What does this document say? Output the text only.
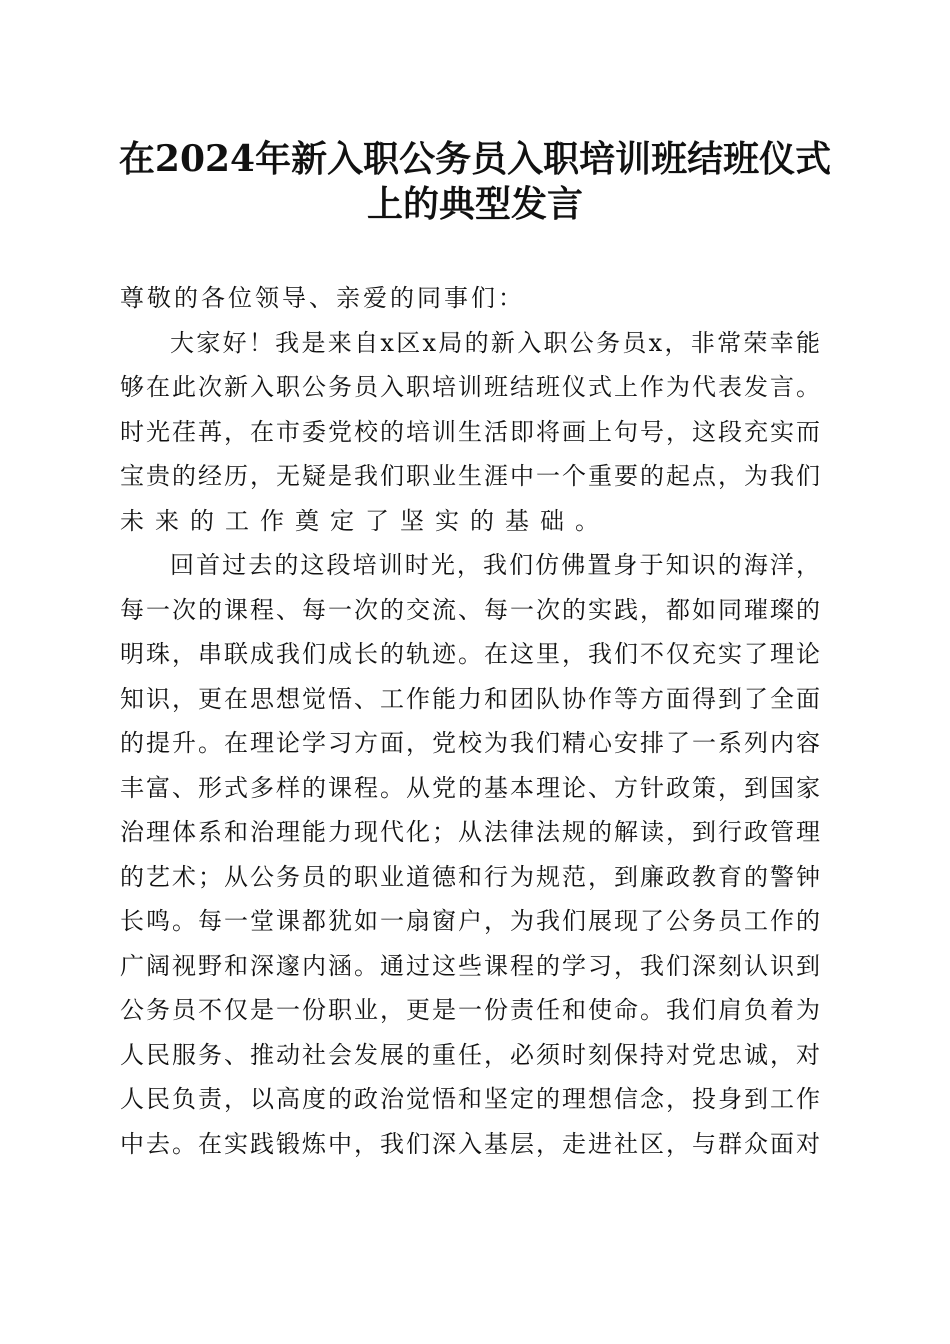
在2024年新入职公务员入职培训班结班仪式
上的典型发言
尊敬的各位领导、亲爱的同事们：
大家好！我是来自x区x局的新入职公务员x，非常荣幸能
够在此次新入职公务员入职培训班结班仪式上作为代表发言。
时光荏苒，在市委党校的培训生活即将画上句号，这段充实而
宝贵的经历，无疑是我们职业生涯中一个重要的起点，为我们
未来的工作奠定了坚实的基础。
回首过去的这段培训时光，我们仿佛置身于知识的海洋，
每一次的课程、每一次的交流、每一次的实践，都如同璀璨的
明珠，串联成我们成长的轨迹。在这里，我们不仅充实了理论
知识，更在思想觉悟、工作能力和团队协作等方面得到了全面
的提升。在理论学习方面，党校为我们精心安排了一系列内容
丰富、形式多样的课程。从党的基本理论、方针政策，到国家
治理体系和治理能力现代化；从法律法规的解读，到行政管理
的艺术；从公务员的职业道德和行为规范，到廉政教育的警钟
长鸣。每一堂课都犹如一扇窗户，为我们展现了公务员工作的
广阔视野和深邃内涵。通过这些课程的学习，我们深刻认识到
公务员不仅是一份职业，更是一份责任和使命。我们肩负着为
人民服务、推动社会发展的重任，必须时刻保持对党忠诚，对
人民负责，以高度的政治觉悟和坚定的理想信念，投身到工作
中去。在实践锻炼中，我们深入基层，走进社区，与群众面对
